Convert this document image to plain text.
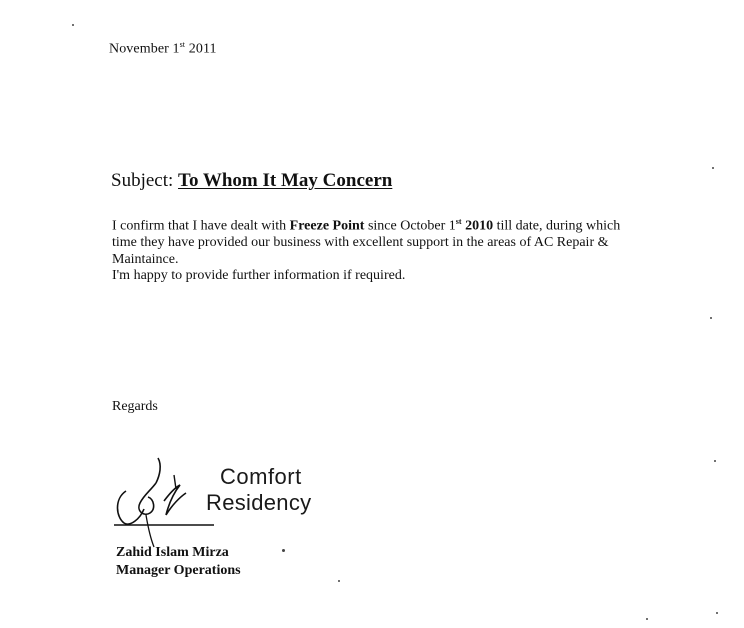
November 1st 2011
Subject: To Whom It May Concern

I confirm that I have dealt with Freeze Point since October 1st 2010 till date, during which time they have provided our business with excellent support in the areas of AC Repair & Maintaince.

I'm happy to provide further information if required.

Regards
Comfort
Residency
Zahid Islam Mirza
Manager Operations
